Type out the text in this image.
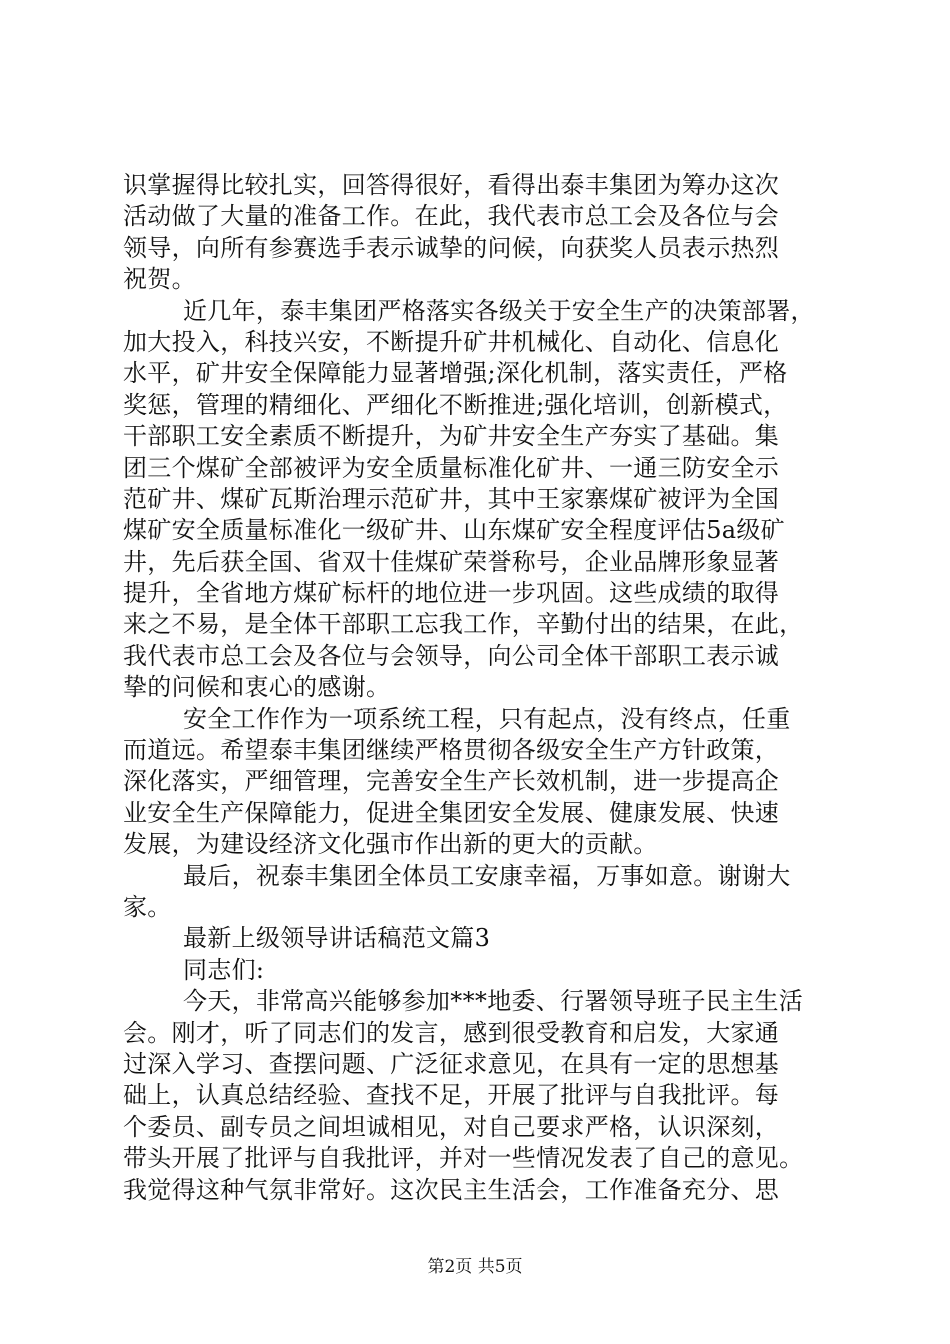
识掌握得比较扎实，回答得很好，看得出泰丰集团为筹办这次
活动做了大量的准备工作。在此，我代表市总工会及各位与会
领导，向所有参赛选手表示诚挚的问候，向获奖人员表示热烈
祝贺。
近几年，泰丰集团严格落实各级关于安全生产的决策部署，
加大投入，科技兴安，不断提升矿井机械化、自动化、信息化
水平，矿井安全保障能力显著增强;深化机制，落实责任，严格
奖惩，管理的精细化、严细化不断推进;强化培训，创新模式，
干部职工安全素质不断提升，为矿井安全生产夯实了基础。集
团三个煤矿全部被评为安全质量标准化矿井、一通三防安全示
范矿井、煤矿瓦斯治理示范矿井，其中王家寨煤矿被评为全国
煤矿安全质量标准化一级矿井、山东煤矿安全程度评估5a级矿
井，先后获全国、省双十佳煤矿荣誉称号，企业品牌形象显著
提升，全省地方煤矿标杆的地位进一步巩固。这些成绩的取得
来之不易，是全体干部职工忘我工作，辛勤付出的结果，在此，
我代表市总工会及各位与会领导，向公司全体干部职工表示诚
挚的问候和衷心的感谢。
安全工作作为一项系统工程，只有起点，没有终点，任重
而道远。希望泰丰集团继续严格贯彻各级安全生产方针政策，
深化落实，严细管理，完善安全生产长效机制，进一步提高企
业安全生产保障能力，促进全集团安全发展、健康发展、快速
发展，为建设经济文化强市作出新的更大的贡献。
最后，祝泰丰集团全体员工安康幸福，万事如意。谢谢大
家。
最新上级领导讲话稿范文篇3
同志们:
今天，非常高兴能够参加***地委、行署领导班子民主生活
会。刚才，听了同志们的发言，感到很受教育和启发，大家通
过深入学习、查摆问题、广泛征求意见，在具有一定的思想基
础上，认真总结经验、查找不足，开展了批评与自我批评。每
个委员、副专员之间坦诚相见，对自己要求严格，认识深刻，
带头开展了批评与自我批评，并对一些情况发表了自己的意见。
我觉得这种气氛非常好。这次民主生活会，工作准备充分、思
第2页 共5页
